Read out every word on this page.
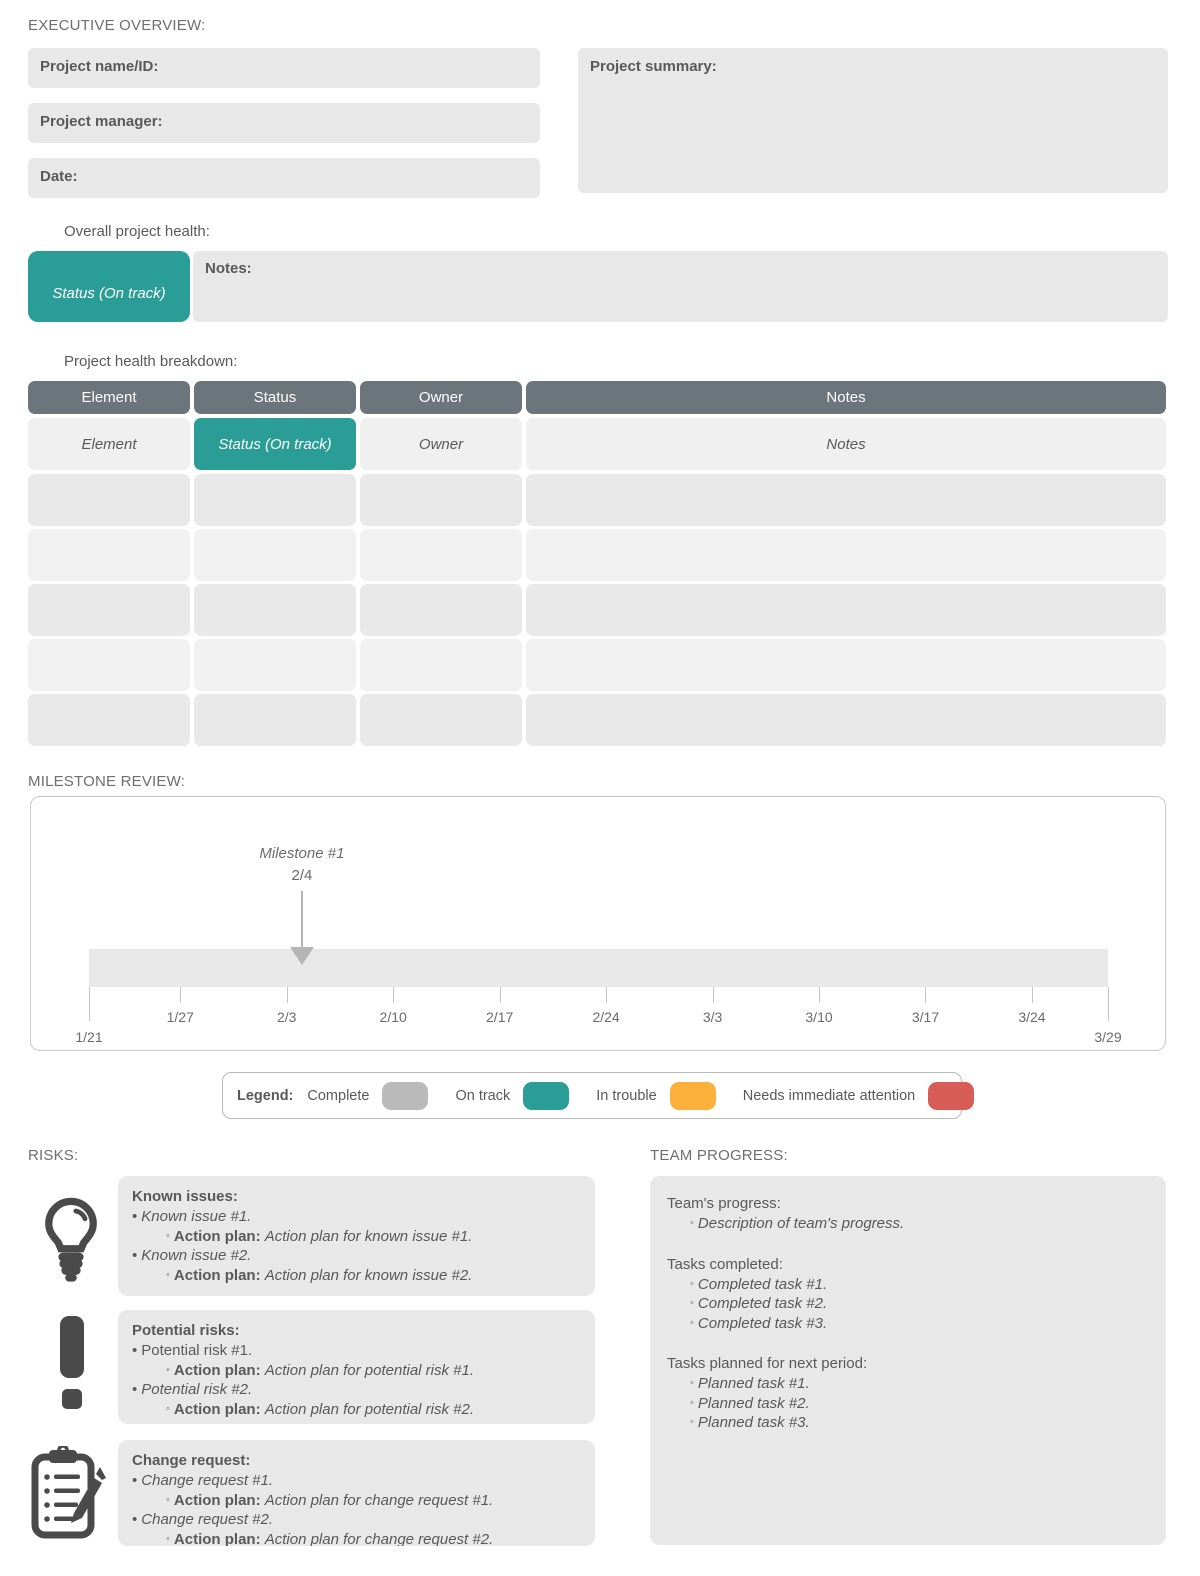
EXECUTIVE OVERVIEW:
Project name/ID:
Project manager:
Date:
Project summary:
Overall project health:
Status (On track)
Notes:
Project health breakdown:
Element	Status	Owner	Notes
Element	Status (On track)	Owner	Notes
MILESTONE REVIEW:
1/21	3/29
1/27	2/3	2/10	2/17	2/24	3/3	3/10	3/17	3/24
Milestone #1
2/4
Legend: Complete	On track	In trouble	Needs immediate attention
RISKS:
Known issues:
• Known issue #1.
◦ Action plan: Action plan for known issue #1.
• Known issue #2.
◦ Action plan: Action plan for known issue #2.
Potential risks:
• Potential risk #1.
◦ Action plan: Action plan for potential risk #1.
• Potential risk #2.
◦ Action plan: Action plan for potential risk #2.
Change request:
• Change request #1.
◦ Action plan: Action plan for change request #1.
• Change request #2.
◦ Action plan: Action plan for change request #2.
TEAM PROGRESS:
Team's progress:
◦ Description of team's progress.
Tasks completed:
◦ Completed task #1.
◦ Completed task #2.
◦ Completed task #3.
Tasks planned for next period:
◦ Planned task #1.
◦ Planned task #2.
◦ Planned task #3.
